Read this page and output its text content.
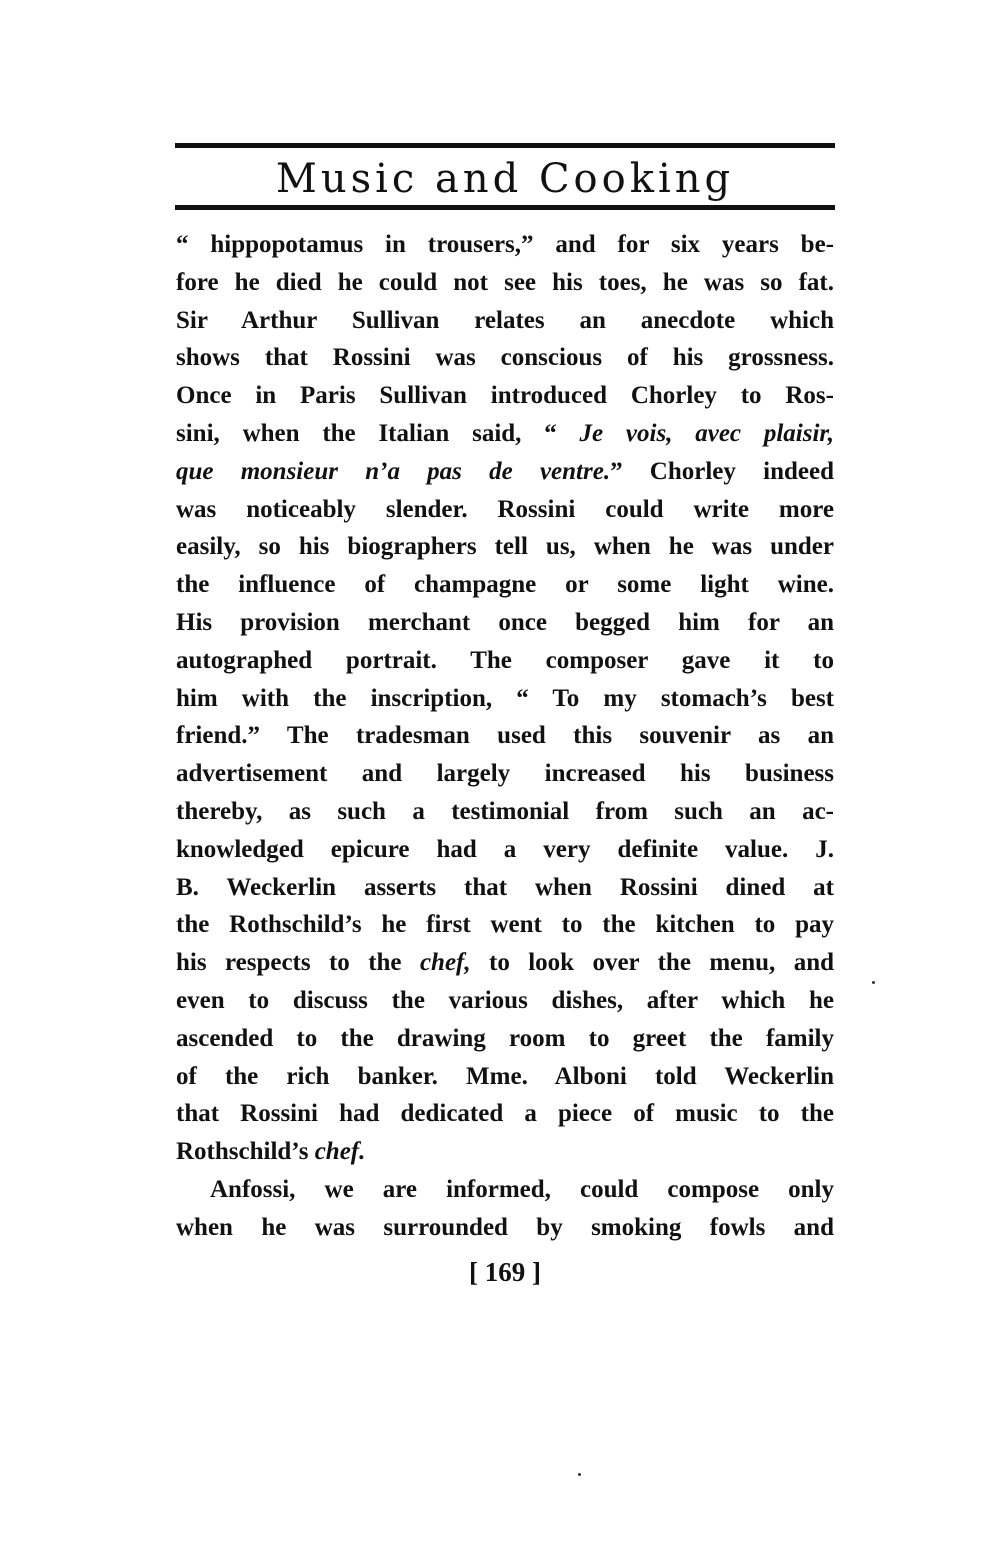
Music and Cooking
“ hippopotamus in trousers,” and for six years be-
fore he died he could not see his toes, he was so fat.
Sir Arthur Sullivan relates an anecdote which
shows that Rossini was conscious of his grossness.
Once in Paris Sullivan introduced Chorley to Ros-
sini, when the Italian said, “ Je vois, avec plaisir,
que monsieur n’a pas de ventre.” Chorley indeed
was noticeably slender. Rossini could write more
easily, so his biographers tell us, when he was under
the influence of champagne or some light wine.
His provision merchant once begged him for an
autographed portrait. The composer gave it to
him with the inscription, “ To my stomach’s best
friend.” The tradesman used this souvenir as an
advertisement and largely increased his business
thereby, as such a testimonial from such an ac-
knowledged epicure had a very definite value. J.
B. Weckerlin asserts that when Rossini dined at
the Rothschild’s he first went to the kitchen to pay
his respects to the chef, to look over the menu, and
even to discuss the various dishes, after which he
ascended to the drawing room to greet the family
of the rich banker. Mme. Alboni told Weckerlin
that Rossini had dedicated a piece of music to the
Rothschild’s chef.
Anfossi, we are informed, could compose only
when he was surrounded by smoking fowls and
[ 169 ]
